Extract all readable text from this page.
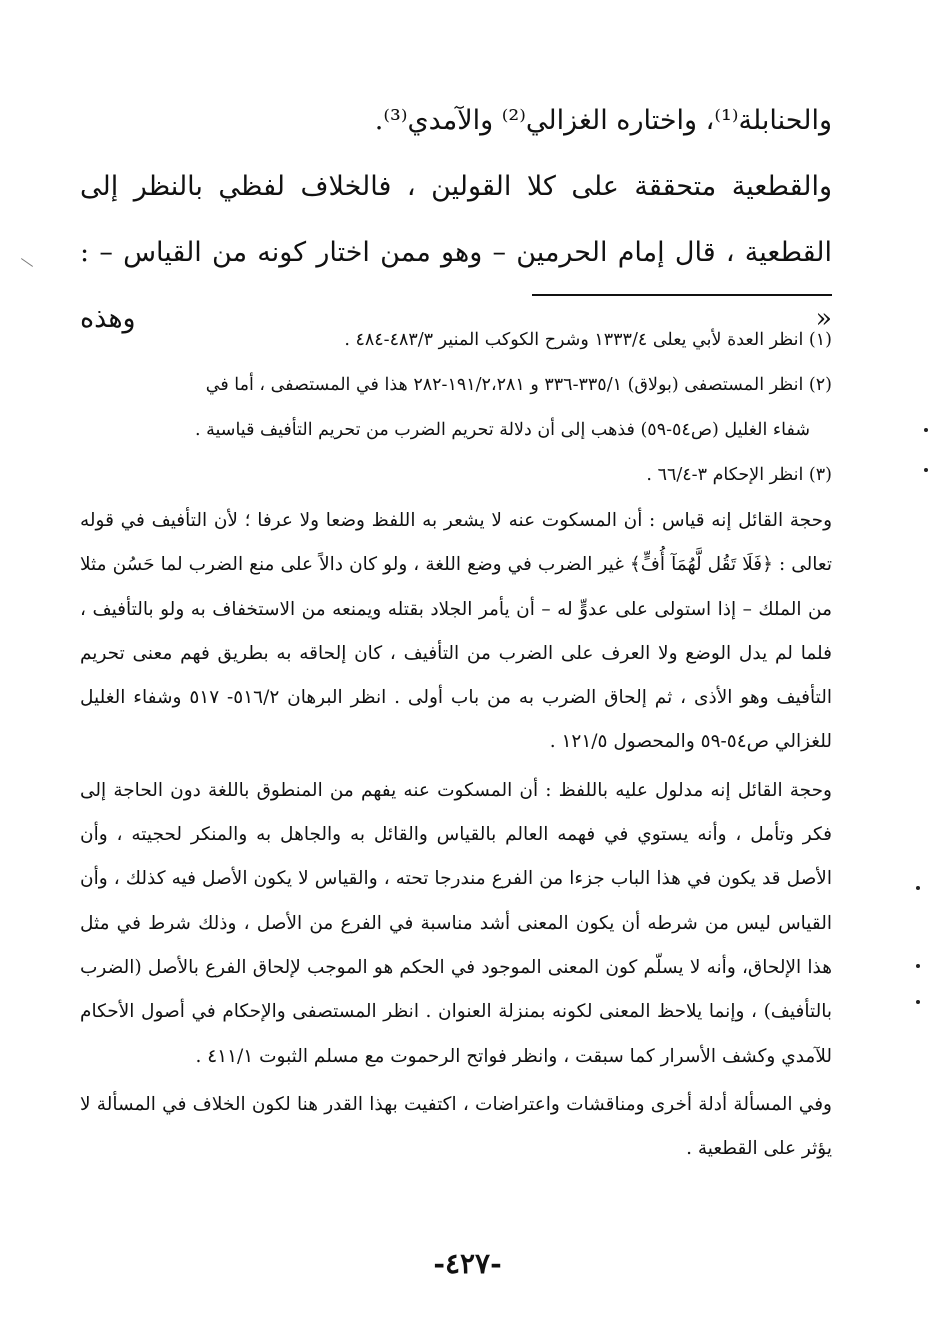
والحنابلة⁽¹⁾، واختاره الغزالي⁽²⁾ والآمدي⁽³⁾.

والقطعية متحققة على كلا القولين ، فالخلاف لفظي بالنظر إلى

القطعية ، قال إمام الحرمين – وهو ممن اختار كونه من القياس – : « وهذه

(١) انظر العدة لأبي يعلى ١٣٣٣/٤ وشرح الكوكب المنير ٤٨٣/٣-٤٨٤ .

(٢) انظر المستصفى (بولاق) ٣٣٥/١-٣٣٦ و ١٩١/٢،٢٨١-٢٨٢ هذا في المستصفى ، أما في

شفاء الغليل (ص٥٤-٥٩) فذهب إلى أن دلالة تحريم الضرب من تحريم التأفيف قياسية .

(٣) انظر الإحكام ٣-٦٦/٤ .

وحجة القائل إنه قياس : أن المسكوت عنه لا يشعر به اللفظ وضعا ولا عرفا ؛ لأن التأفيف في قوله تعالى : ﴿فَلَا تَقُل لَّهُمَآ أُفٍّ﴾ غير الضرب في وضع اللغة ، ولو كان دالاً على منع الضرب لما حَسُن مثلا من الملك – إذا استولى على عدوٍّ له – أن يأمر الجلاد بقتله ويمنعه من الاستخفاف به ولو بالتأفيف ، فلما لم يدل الوضع ولا العرف على الضرب من التأفيف ، كان إلحاقه به بطريق فهم معنى تحريم التأفيف وهو الأذى ، ثم إلحاق الضرب به من باب أولى . انظر البرهان ٥١٦/٢- ٥١٧ وشفاء الغليل للغزالي ص٥٤-٥٩ والمحصول ١٢١/٥ .

وحجة القائل إنه مدلول عليه باللفظ : أن المسكوت عنه يفهم من المنطوق باللغة دون الحاجة إلى فكر وتأمل ، وأنه يستوي في فهمه العالم بالقياس والقائل به والجاهل به والمنكر لحجيته ، وأن الأصل قد يكون في هذا الباب جزءا من الفرع مندرجا تحته ، والقياس لا يكون الأصل فيه كذلك ، وأن القياس ليس من شرطه أن يكون المعنى أشد مناسبة في الفرع من الأصل ، وذلك شرط في مثل هذا الإلحاق، وأنه لا يسلّم كون المعنى الموجود في الحكم هو الموجب لإلحاق الفرع بالأصل (الضرب بالتأفيف) ، وإنما يلاحظ المعنى لكونه بمنزلة العنوان . انظر المستصفى والإحكام في أصول الأحكام للآمدي وكشف الأسرار كما سبقت ، وانظر فواتح الرحموت مع مسلم الثبوت ٤١١/١ .

وفي المسألة أدلة أخرى ومناقشات واعتراضات ، اكتفيت بهذا القدر هنا لكون الخلاف في المسألة لا يؤثر على القطعية .

-٤٢٧-
